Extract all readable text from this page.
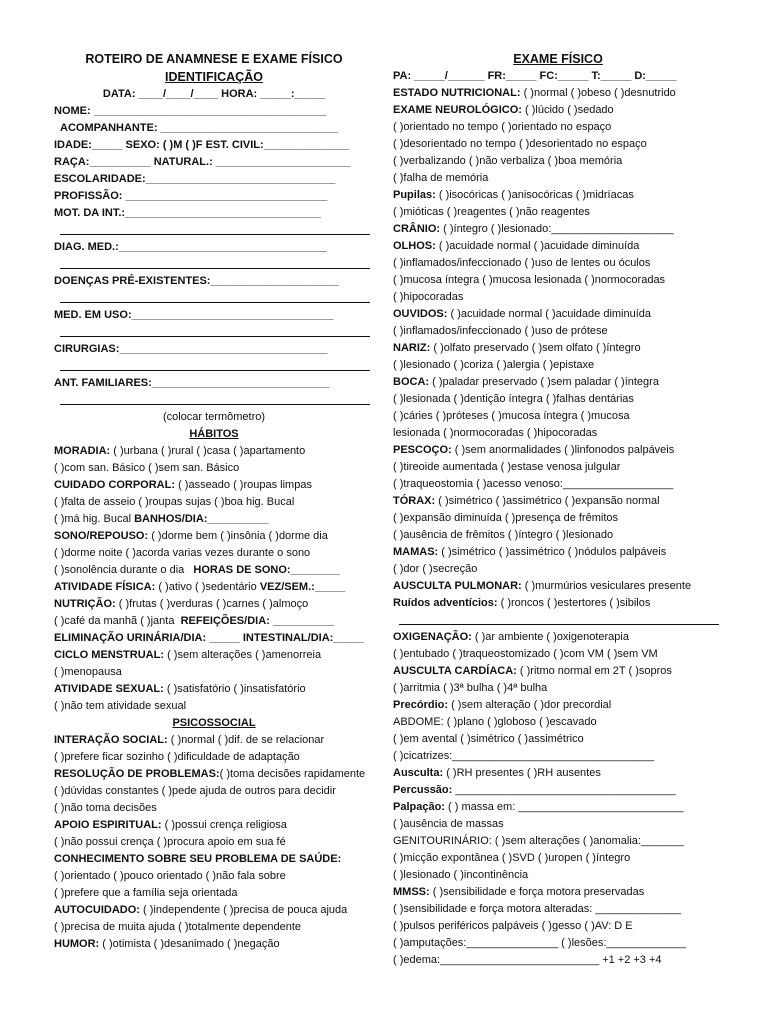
ROTEIRO DE ANAMNESE E EXAME FÍSICO
IDENTIFICAÇÃO
DATA: ____/____/____ HORA: _____:_____
NOME: ______________________________________
ACOMPANHANTE: _____________________________
IDADE:_____ SEXO: ( )M ( )F EST. CIVIL:______________
RAÇA:__________ NATURAL.: ______________________
ESCOLARIDADE:_______________________________
PROFISSÃO: _________________________________
MOT. DA INT.:________________________________
DIAG. MED.:__________________________________
DOENÇAS PRÉ-EXISTENTES:_____________________
MED. EM USO:_________________________________
CIRURGIAS:__________________________________
ANT. FAMILIARES:_____________________________
(colocar termômetro)
HÁBITOS
MORADIA: ( )urbana ( )rural ( )casa ( )apartamento
( )com san. Básico ( )sem san. Básico
CUIDADO CORPORAL: ( )asseado ( )roupas limpas
( )falta de asseio ( )roupas sujas ( )boa hig. Bucal
( )má hig. Bucal BANHOS/DIA:__________
SONO/REPOUSO: ( )dorme bem ( )insônia ( )dorme dia
( )dorme noite ( )acorda varias vezes durante o sono
( )sonolência durante o dia HORAS DE SONO:________
ATIVIDADE FÍSICA: ( )ativo ( )sedentário VEZ/SEM.:_____
NUTRIÇÃO: ( )frutas ( )verduras ( )carnes ( )almoço
( )café da manhã ( )janta REFEIÇÕES/DIA: __________
ELIMINAÇÃO URINÁRIA/DIA: _____ INTESTINAL/DIA:_____
CICLO MENSTRUAL: ( )sem alterações ( )amenorreia
( )menopausa
ATIVIDADE SEXUAL: ( )satisfatório ( )insatisfatório
( )não tem atividade sexual
PSICOSSOCIAL
INTERAÇÃO SOCIAL: ( )normal ( )dif. de se relacionar
( )prefere ficar sozinho ( )dificuldade de adaptação
RESOLUÇÃO DE PROBLEMAS:( )toma decisões rapidamente
( )dúvidas constantes ( )pede ajuda de outros para decidir
( )não toma decisões
APOIO ESPIRITUAL: ( )possui crença religiosa
( )não possui crença ( )procura apoio em sua fé
CONHECIMENTO SOBRE SEU PROBLEMA DE SAÚDE:
( )orientado ( )pouco orientado ( )não fala sobre
( )prefere que a família seja orientada
AUTOCUIDADO: ( )independente ( )precisa de pouca ajuda
( )precisa de muita ajuda ( )totalmente dependente
HUMOR: ( )otimista ( )desanimado ( )negação
EXAME FÍSICO
PA: _____/______ FR:_____ FC:_____ T:_____ D:_____
ESTADO NUTRICIONAL: ( )normal ( )obeso ( )desnutrido
EXAME NEUROLÓGICO: ( )lúcido ( )sedado
( )orientado no tempo ( )orientado no espaço
( )desorientado no tempo ( )desorientado no espaço
( )verbalizando ( )não verbaliza ( )boa memória
( )falha de memória
Pupilas: ( )isocóricas ( )anisocóricas ( )midríacas
( )mióticas ( )reagentes ( )não reagentes
CRÂNIO: ( )íntegro ( )lesionado:____________________
OLHOS: ( )acuidade normal ( )acuidade diminuída
( )inflamados/infeccionado ( )uso de lentes ou óculos
( )mucosa íntegra ( )mucosa lesionada ( )normocoradas
( )hipocoradas
OUVIDOS: ( )acuidade normal ( )acuidade diminuída
( )inflamados/infeccionado ( )uso de prótese
NARIZ: ( )olfato preservado ( )sem olfato ( )íntegro
( )lesionado ( )coriza ( )alergia ( )epistaxe
BOCA: ( )paladar preservado ( )sem paladar ( )íntegra
( )lesionada ( )dentição íntegra ( )falhas dentárias
( )cáries ( )próteses ( )mucosa íntegra ( )mucosa
lesionada ( )normocoradas ( )hipocoradas
PESCOÇO: ( )sem anormalidades ( )linfonodos palpáveis
( )tireoide aumentada ( )estase venosa julgular
( )traqueostomia ( )acesso venoso:__________________
TÓRAX: ( )simétrico ( )assimétrico ( )expansão normal
( )expansão diminuída ( )presença de frêmitos
( )ausência de frêmitos ( )íntegro ( )lesionado
MAMAS: ( )simétrico ( )assimétrico ( )nódulos palpáveis
( )dor ( )secreção
AUSCULTA PULMONAR: ( )murmúrios vesiculares presente
Ruídos adventícios: ( )roncos ( )estertores ( )sibilos
OXIGENAÇÃO: ( )ar ambiente ( )oxigenoterapia
( )entubado ( )traqueostomizado ( )com VM ( )sem VM
AUSCULTA CARDÍACA: ( )ritmo normal em 2T ( )sopros
( )arritmia ( )3ª bulha ( )4ª bulha
Precórdio: ( )sem alteração ( )dor precordial
ABDOME: ( )plano ( )globoso ( )escavado
( )em avental ( )simétrico ( )assimétrico
( )cicatrizes:_________________________________
Ausculta: ( )RH presentes ( )RH ausentes
Percussão: ____________________________________
Palpação: ( ) massa em: ___________________________
( )ausência de massas
GENITOURINÁRIO: ( )sem alterações ( )anomalia:_______
( )micção expontânea ( )SVD ( )uropen ( )íntegro
( )lesionado ( )incontinência
MMSS: ( )sensibilidade e força motora preservadas
( )sensibilidade e força motora alteradas: ______________
( )pulsos periféricos palpáveis ( )gesso ( )AV: D E
( )amputações:_______________ ( )lesões:_____________
( )edema:__________________________ +1 +2 +3 +4
